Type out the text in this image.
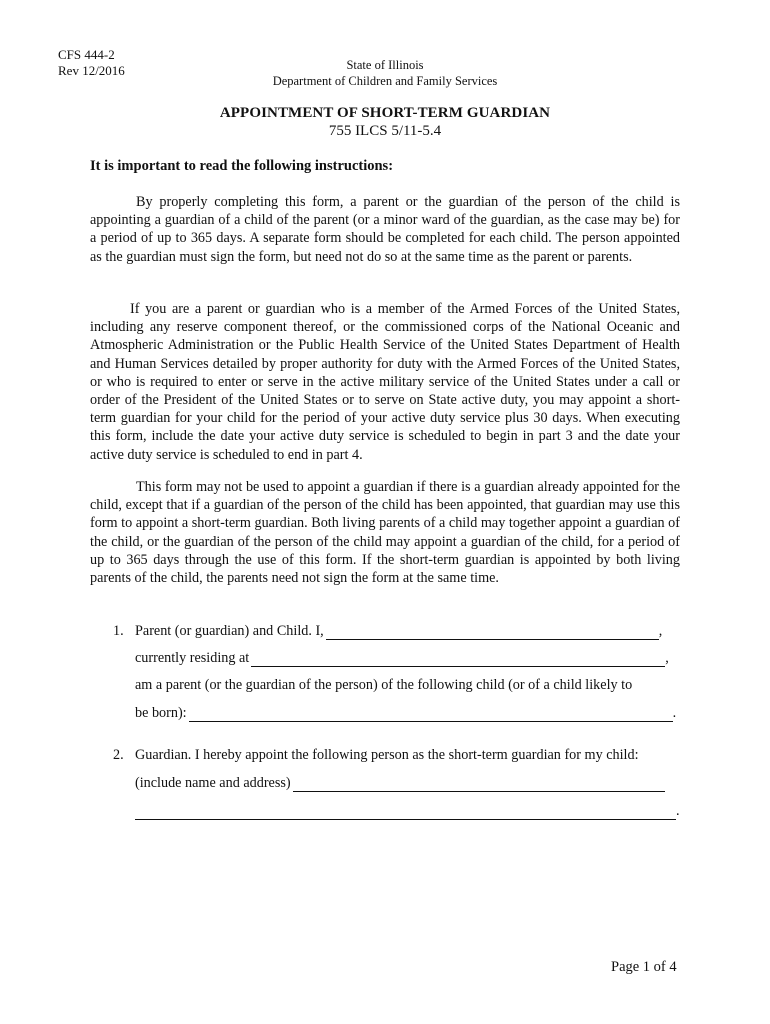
CFS 444-2
Rev 12/2016	State of Illinois
Department of Children and Family Services
APPOINTMENT OF SHORT-TERM GUARDIAN
755 ILCS 5/11-5.4
It is important to read the following instructions:

By properly completing this form, a parent or the guardian of the person of the child is appointing a guardian of a child of the parent (or a minor ward of the guardian, as the case may be) for a period of up to 365 days. A separate form should be completed for each child. The person appointed as the guardian must sign the form, but need not do so at the same time as the parent or parents.

If you are a parent or guardian who is a member of the Armed Forces of the United States, including any reserve component thereof, or the commissioned corps of the National Oceanic and Atmospheric Administration or the Public Health Service of the United States Department of Health and Human Services detailed by proper authority for duty with the Armed Forces of the United States, or who is required to enter or serve in the active military service of the United States under a call or order of the President of the United States or to serve on State active duty, you may appoint a short-term guardian for your child for the period of your active duty service plus 30 days. When executing this form, include the date your active duty service is scheduled to begin in part 3 and the date your active duty service is scheduled to end in part 4.

This form may not be used to appoint a guardian if there is a guardian already appointed for the child, except that if a guardian of the person of the child has been appointed, that guardian may use this form to appoint a short-term guardian. Both living parents of a child may together appoint a guardian of the child, or the guardian of the person of the child may appoint a guardian of the child, for a period of up to 365 days through the use of this form. If the short-term guardian is appointed by both living parents of the child, the parents need not sign the form at the same time.

1. Parent (or guardian) and Child. I,	,
currently residing at	,
am a parent (or the guardian of the person) of the following child (or of a child likely to
be born):	.
2. Guardian. I hereby appoint the following person as the short-term guardian for my child:
(include name and address)
.
Page 1 of 4
